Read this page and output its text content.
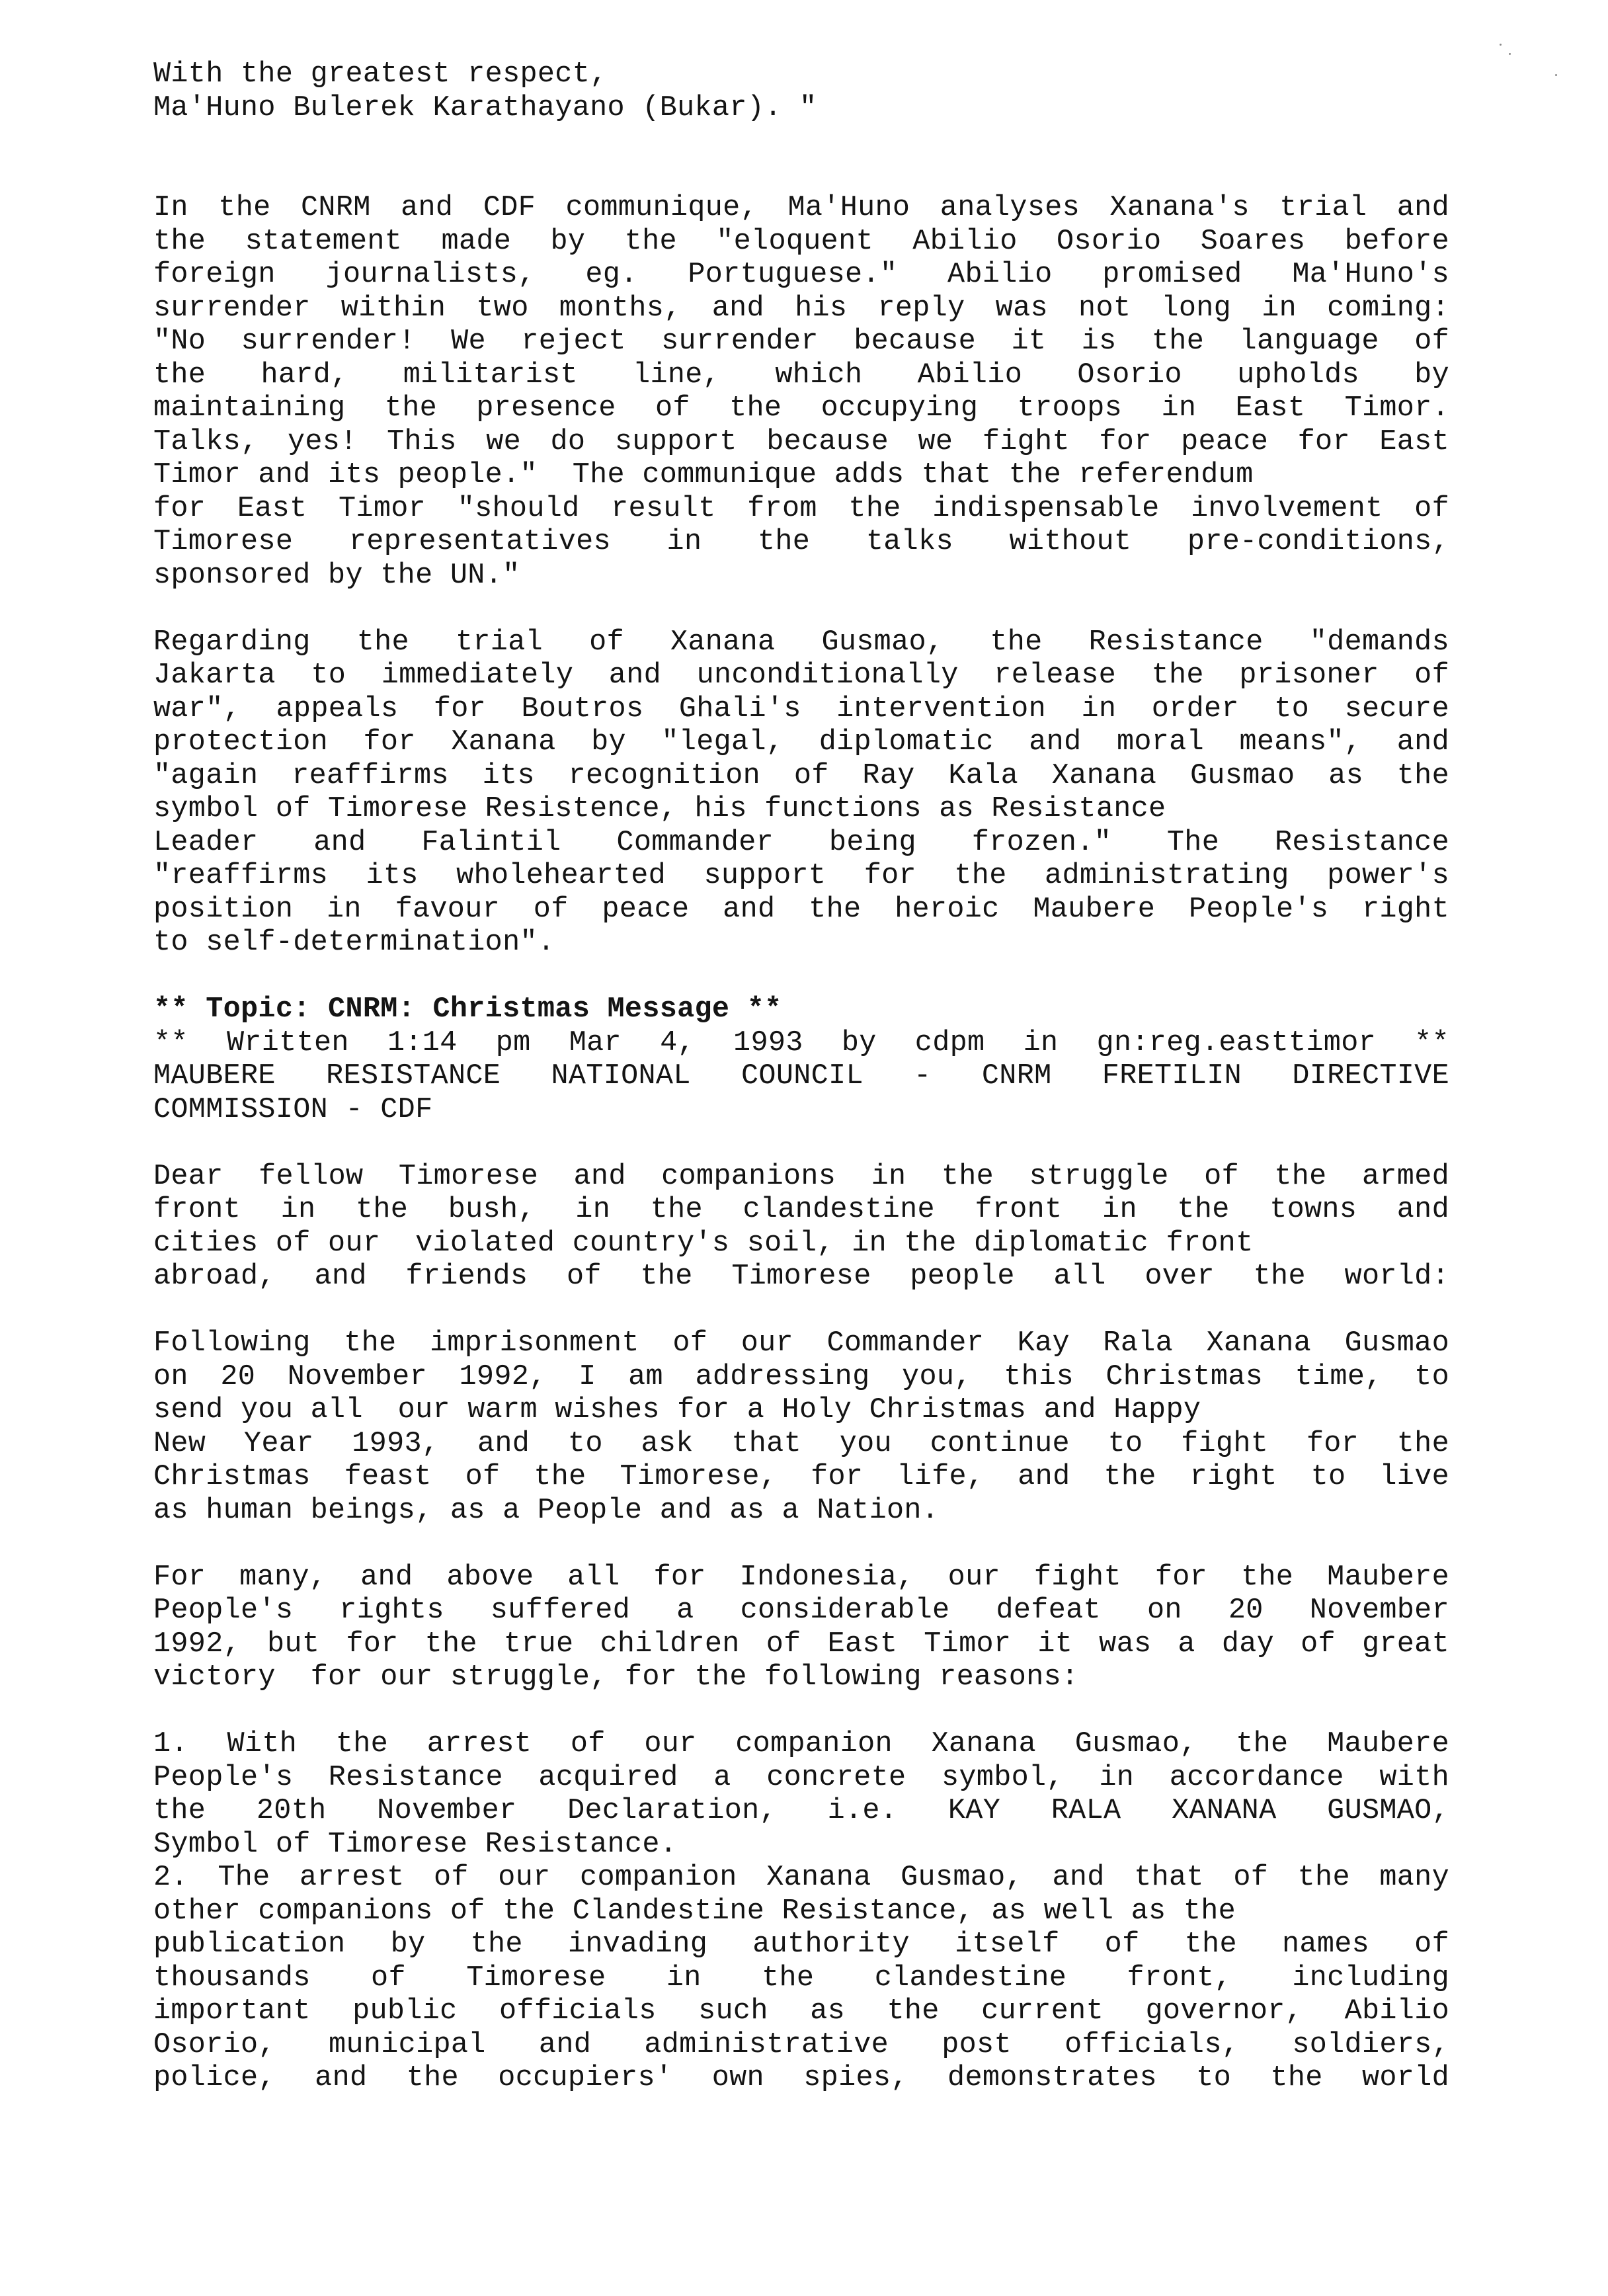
With the greatest respect,
Ma'Huno Bulerek Karathayano (Bukar). "
In the CNRM and CDF communique, Ma'Huno analyses Xanana's trial and
the statement made by the "eloquent Abilio Osorio Soares before
foreign journalists, eg. Portuguese." Abilio promised Ma'Huno's
surrender within two months, and his reply was not long in coming:
"No surrender! We reject surrender because it is the language of
the hard, militarist line, which Abilio Osorio upholds by
maintaining the presence of the occupying troops in East Timor.
Talks, yes! This we do support because we fight for peace for East
Timor and its people."  The communique adds that the referendum
for East Timor "should result from the indispensable involvement of
Timorese representatives in the talks without pre-conditions,
sponsored by the UN."
Regarding the trial of Xanana Gusmao, the Resistance "demands
Jakarta to immediately and unconditionally release the prisoner of
war", appeals for Boutros Ghali's intervention in order to secure
protection for Xanana by "legal, diplomatic and moral means", and
"again reaffirms its recognition of Ray Kala Xanana Gusmao as the
symbol of Timorese Resistence, his functions as Resistance
Leader and Falintil Commander being frozen." The Resistance
"reaffirms its wholehearted support for the administrating power's
position in favour of peace and the heroic Maubere People's right
to self-determination".
** Topic: CNRM: Christmas Message **
** Written 1:14 pm Mar 4, 1993 by cdpm in gn:reg.easttimor **
MAUBERE RESISTANCE NATIONAL COUNCIL - CNRM FRETILIN DIRECTIVE
COMMISSION - CDF
Dear fellow Timorese and companions in the struggle of the armed
front in the bush, in the clandestine front in the towns and
cities of our  violated country's soil, in the diplomatic front
abroad, and friends of the Timorese people all over the world:
Following the imprisonment of our Commander Kay Rala Xanana Gusmao
on 20 November 1992, I am addressing you, this Christmas time, to
send you all  our warm wishes for a Holy Christmas and Happy
New Year 1993, and to ask that you continue to fight for the
Christmas feast of the Timorese, for life, and the right to live
as human beings, as a People and as a Nation.
For many, and above all for Indonesia, our fight for the Maubere
People's rights suffered a considerable defeat on 20 November
1992, but for the true children of East Timor it was a day of great
victory  for our struggle, for the following reasons:
1. With the arrest of our companion Xanana Gusmao, the Maubere
People's Resistance acquired a concrete symbol, in accordance with
the 20th November Declaration, i.e. KAY RALA XANANA GUSMAO,
Symbol of Timorese Resistance.
2. The arrest of our companion Xanana Gusmao, and that of the many
other companions of the Clandestine Resistance, as well as the
publication by the invading authority itself of the names of
thousands of Timorese in the clandestine front, including
important public officials such as the current governor, Abilio
Osorio, municipal and administrative post officials, soldiers,
police, and the occupiers' own spies, demonstrates to the world
